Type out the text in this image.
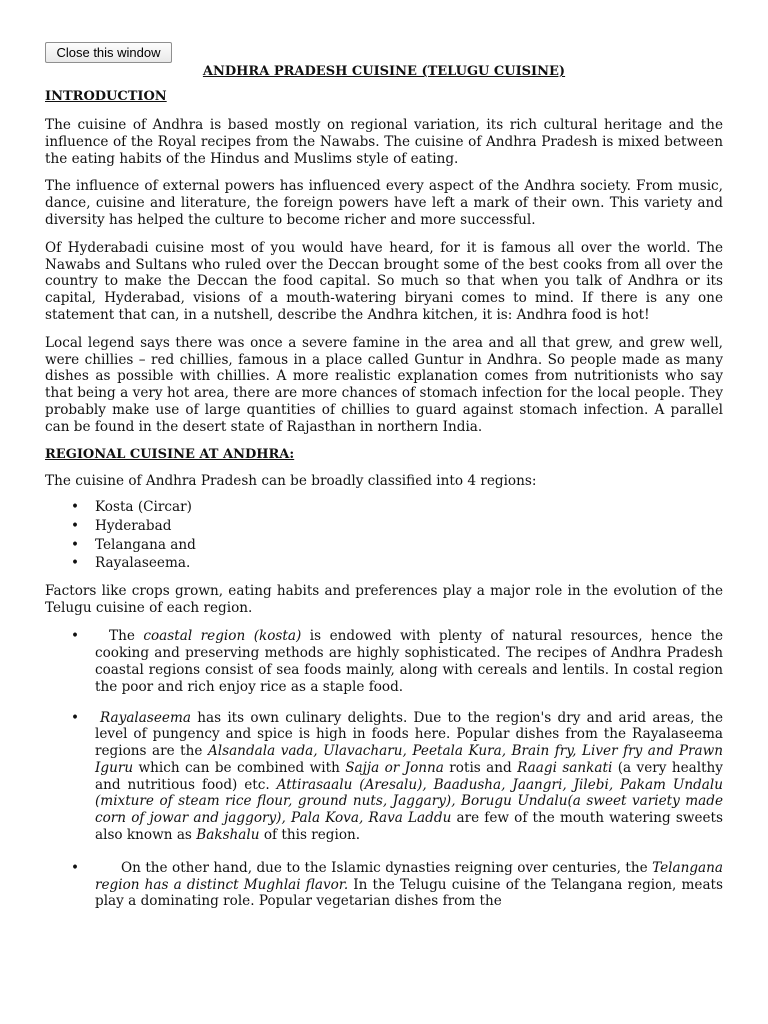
Close this window
ANDHRA PRADESH CUISINE (TELUGU CUISINE)
INTRODUCTION

The cuisine of Andhra is based mostly on regional variation, its rich cultural heritage and the influence of the Royal recipes from the Nawabs. The cuisine of Andhra Pradesh is mixed between the eating habits of the Hindus and Muslims style of eating.

The influence of external powers has influenced every aspect of the Andhra society. From music, dance, cuisine and literature, the foreign powers have left a mark of their own. This variety and diversity has helped the culture to become richer and more successful.

Of Hyderabadi cuisine most of you would have heard, for it is famous all over the world. The Nawabs and Sultans who ruled over the Deccan brought some of the best cooks from all over the country to make the Deccan the food capital. So much so that when you talk of Andhra or its capital, Hyderabad, visions of a mouth-watering biryani comes to mind. If there is any one statement that can, in a nutshell, describe the Andhra kitchen, it is: Andhra food is hot!

Local legend says there was once a severe famine in the area and all that grew, and grew well, were chillies – red chillies, famous in a place called Guntur in Andhra. So people made as many dishes as possible with chillies. A more realistic explanation comes from nutritionists who say that being a very hot area, there are more chances of stomach infection for the local people. They probably make use of large quantities of chillies to guard against stomach infection. A parallel can be found in the desert state of Rajasthan in northern India.

REGIONAL CUISINE AT ANDHRA:

The cuisine of Andhra Pradesh can be broadly classified into 4 regions:

• Kosta (Circar)
• Hyderabad
• Telangana and
• Rayalaseema.

Factors like crops grown, eating habits and preferences play a major role in the evolution of the Telugu cuisine of each region.

• The coastal region (kosta) is endowed with plenty of natural resources, hence the cooking and preserving methods are highly sophisticated. The recipes of Andhra Pradesh coastal regions consist of sea foods mainly, along with cereals and lentils. In costal region the poor and rich enjoy rice as a staple food.
• Rayalaseema has its own culinary delights. Due to the region's dry and arid areas, the level of pungency and spice is high in foods here. Popular dishes from the Rayalaseema regions are the Alsandala vada, Ulavacharu, Peetala Kura, Brain fry, Liver fry and Prawn Iguru which can be combined with Sajja or Jonna rotis and Raagi sankati (a very healthy and nutritious food) etc. Attirasaalu (Aresalu), Baadusha, Jaangri, Jilebi, Pakam Undalu (mixture of steam rice flour, ground nuts, Jaggary), Borugu Undalu(a sweet variety made corn of jowar and jaggory), Pala Kova, Rava Laddu are few of the mouth watering sweets also known as Bakshalu of this region.
•	On the other hand, due to the Islamic dynasties reigning over centuries, the Telangana region has a distinct Mughlai flavor. In the Telugu cuisine of the Telangana region, meats play a dominating role. Popular vegetarian dishes from the
